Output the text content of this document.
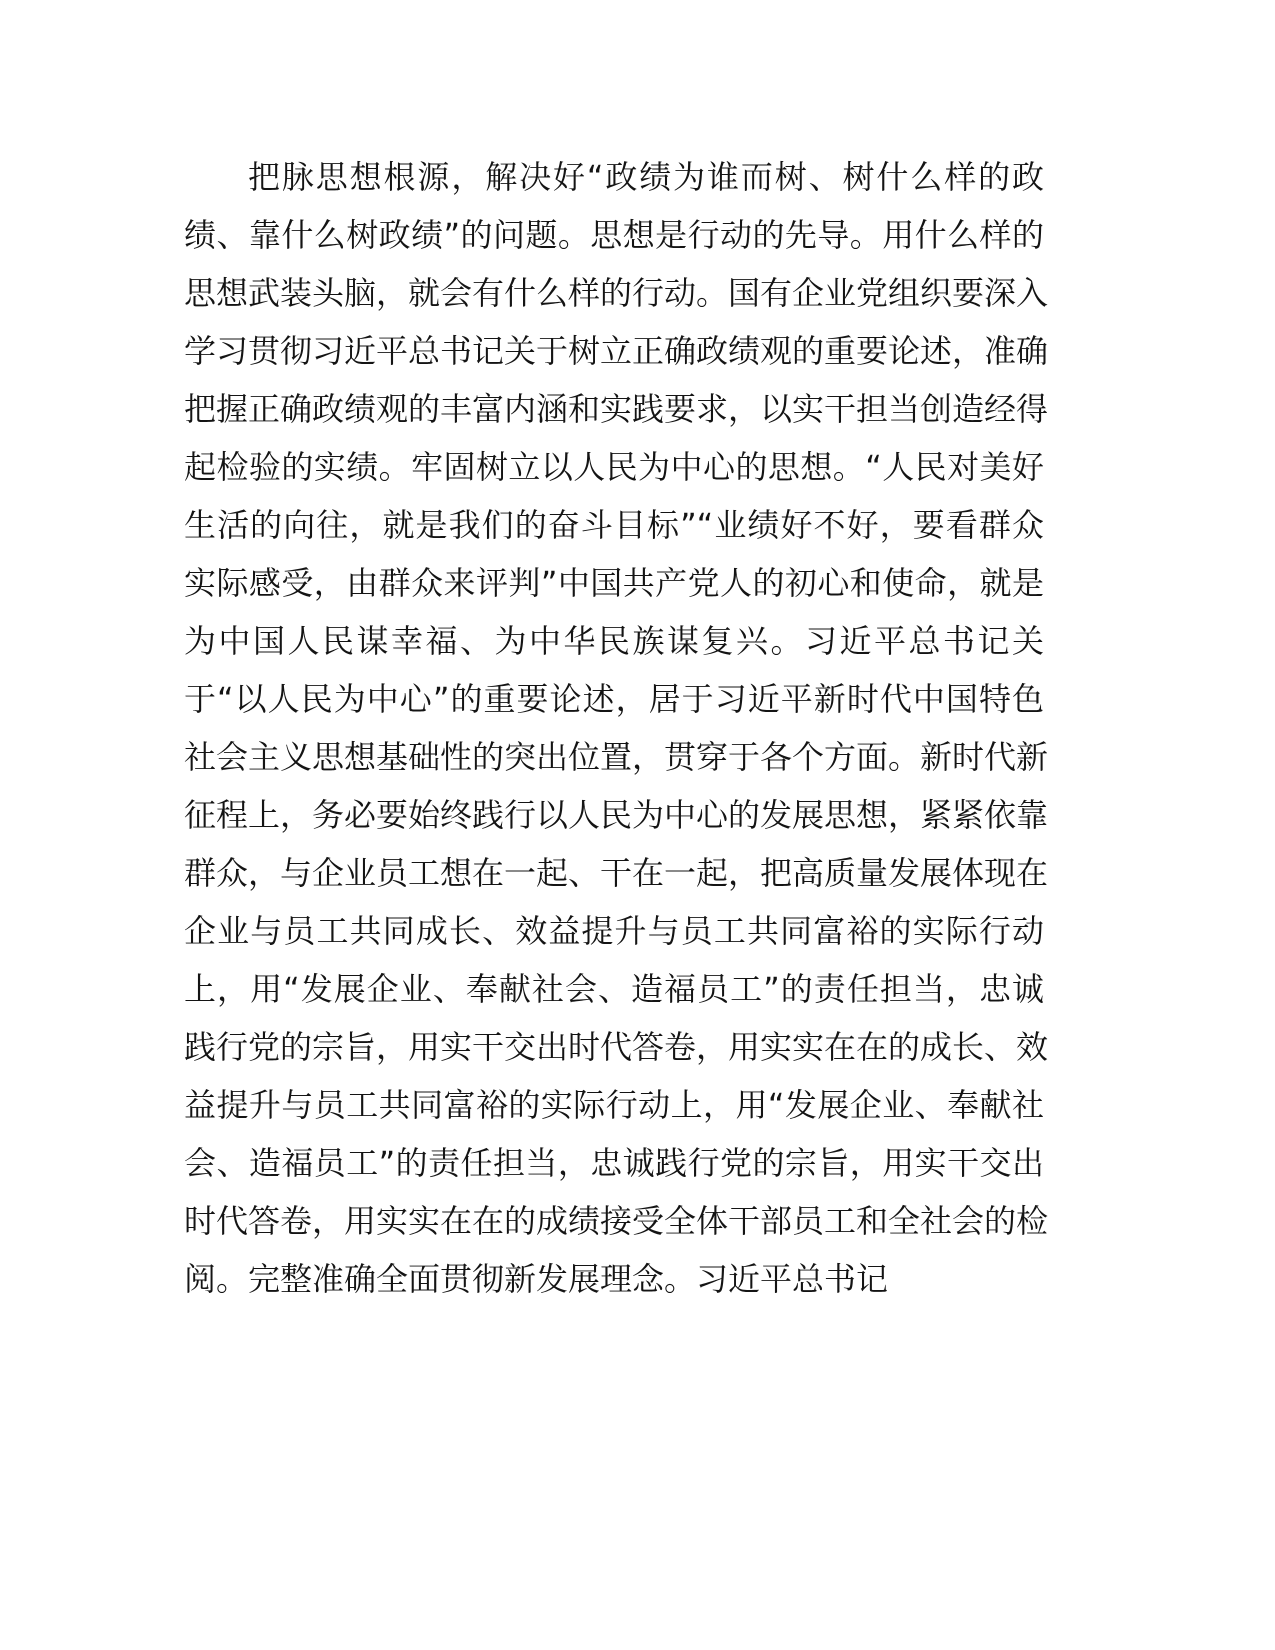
把脉思想根源，解决好“政绩为谁而树、树什么样的政
绩、靠什么树政绩”的问题。思想是行动的先导。用什么样的
思想武装头脑，就会有什么样的行动。国有企业党组织要深入
学习贯彻习近平总书记关于树立正确政绩观的重要论述，准确
把握正确政绩观的丰富内涵和实践要求，以实干担当创造经得
起检验的实绩。牢固树立以人民为中心的思想。“人民对美好
生活的向往，就是我们的奋斗目标”“业绩好不好，要看群众
实际感受，由群众来评判”中国共产党人的初心和使命，就是
为中国人民谋幸福、为中华民族谋复兴。习近平总书记关
于“以人民为中心”的重要论述，居于习近平新时代中国特色
社会主义思想基础性的突出位置，贯穿于各个方面。新时代新
征程上，务必要始终践行以人民为中心的发展思想，紧紧依靠
群众，与企业员工想在一起、干在一起，把高质量发展体现在
企业与员工共同成长、效益提升与员工共同富裕的实际行动
上，用“发展企业、奉献社会、造福员工”的责任担当，忠诚
践行党的宗旨，用实干交出时代答卷，用实实在在的成长、效
益提升与员工共同富裕的实际行动上，用“发展企业、奉献社
会、造福员工”的责任担当，忠诚践行党的宗旨，用实干交出
时代答卷，用实实在在的成绩接受全体干部员工和全社会的检
阅。完整准确全面贯彻新发展理念。习近平总书记
